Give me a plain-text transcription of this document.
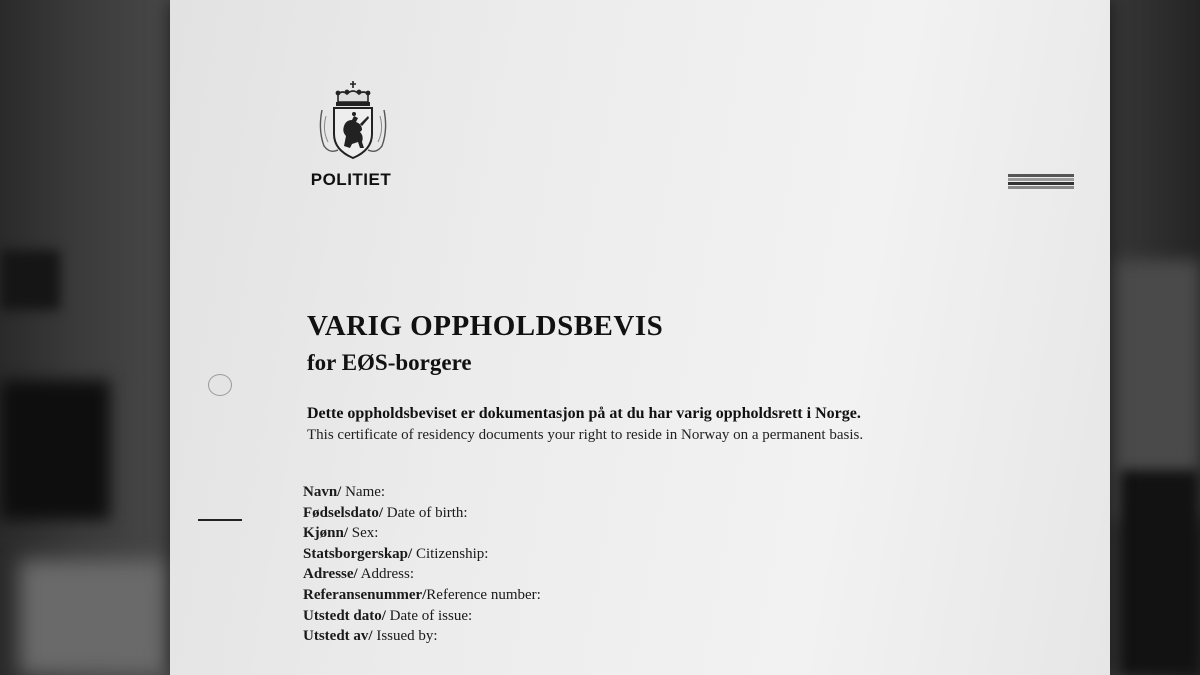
POLITIET
VARIG OPPHOLDSBEVIS
for EØS-borgere
Dette oppholdsbeviset er dokumentasjon på at du har varig oppholdsrett i Norge.
This certificate of residency documents your right to reside in Norway on a permanent basis.
Navn/ Name:
Fødselsdato/ Date of birth:
Kjønn/ Sex:
Statsborgerskap/ Citizenship:
Adresse/ Address:
Referansenummer/Reference number:
Utstedt dato/ Date of issue:
Utstedt av/ Issued by:
